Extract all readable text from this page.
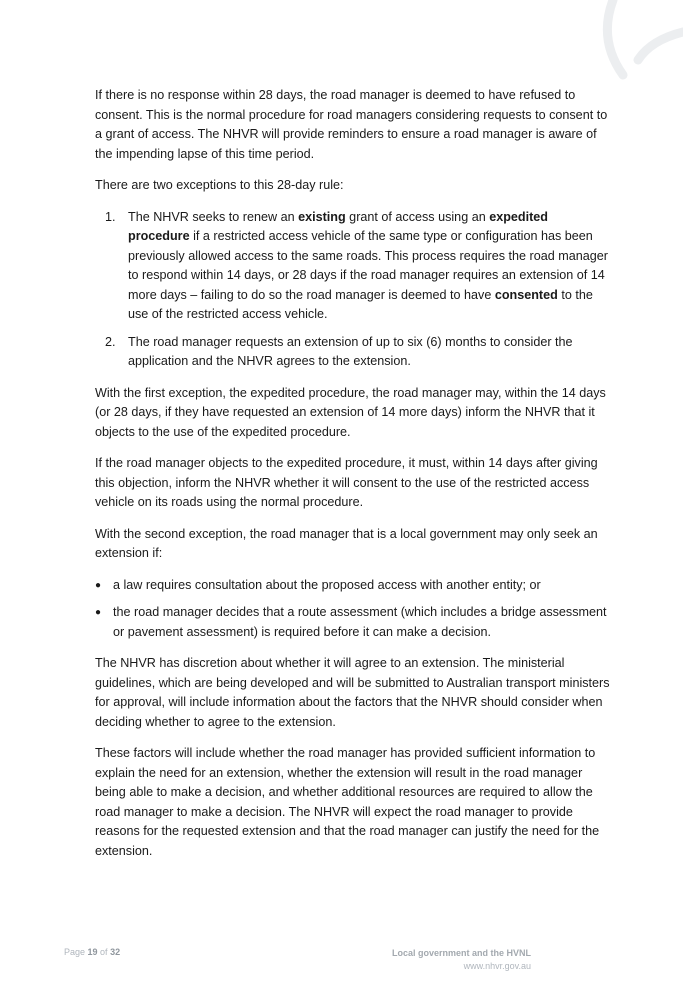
If there is no response within 28 days, the road manager is deemed to have refused to consent. This is the normal procedure for road managers considering requests to consent to a grant of access. The NHVR will provide reminders to ensure a road manager is aware of the impending lapse of this time period.

There are two exceptions to this 28-day rule:

1. The NHVR seeks to renew an existing grant of access using an expedited procedure if a restricted access vehicle of the same type or configuration has been previously allowed access to the same roads. This process requires the road manager to respond within 14 days, or 28 days if the road manager requires an extension of 14 more days – failing to do so the road manager is deemed to have consented to the use of the restricted access vehicle.
2. The road manager requests an extension of up to six (6) months to consider the application and the NHVR agrees to the extension.

With the first exception, the expedited procedure, the road manager may, within the 14 days (or 28 days, if they have requested an extension of 14 more days) inform the NHVR that it objects to the use of the expedited procedure.

If the road manager objects to the expedited procedure, it must, within 14 days after giving this objection, inform the NHVR whether it will consent to the use of the restricted access vehicle on its roads using the normal procedure.

With the second exception, the road manager that is a local government may only seek an extension if:

● a law requires consultation about the proposed access with another entity; or
● the road manager decides that a route assessment (which includes a bridge assessment or pavement assessment) is required before it can make a decision.

The NHVR has discretion about whether it will agree to an extension. The ministerial guidelines, which are being developed and will be submitted to Australian transport ministers for approval, will include information about the factors that the NHVR should consider when deciding whether to agree to the extension.

These factors will include whether the road manager has provided sufficient information to explain the need for an extension, whether the extension will result in the road manager being able to make a decision, and whether additional resources are required to allow the road manager to make a decision. The NHVR will expect the road manager to provide reasons for the requested extension and that the road manager can justify the need for the extension.

Page 19 of 32	Local government and the HVNL
www.nhvr.gov.au
